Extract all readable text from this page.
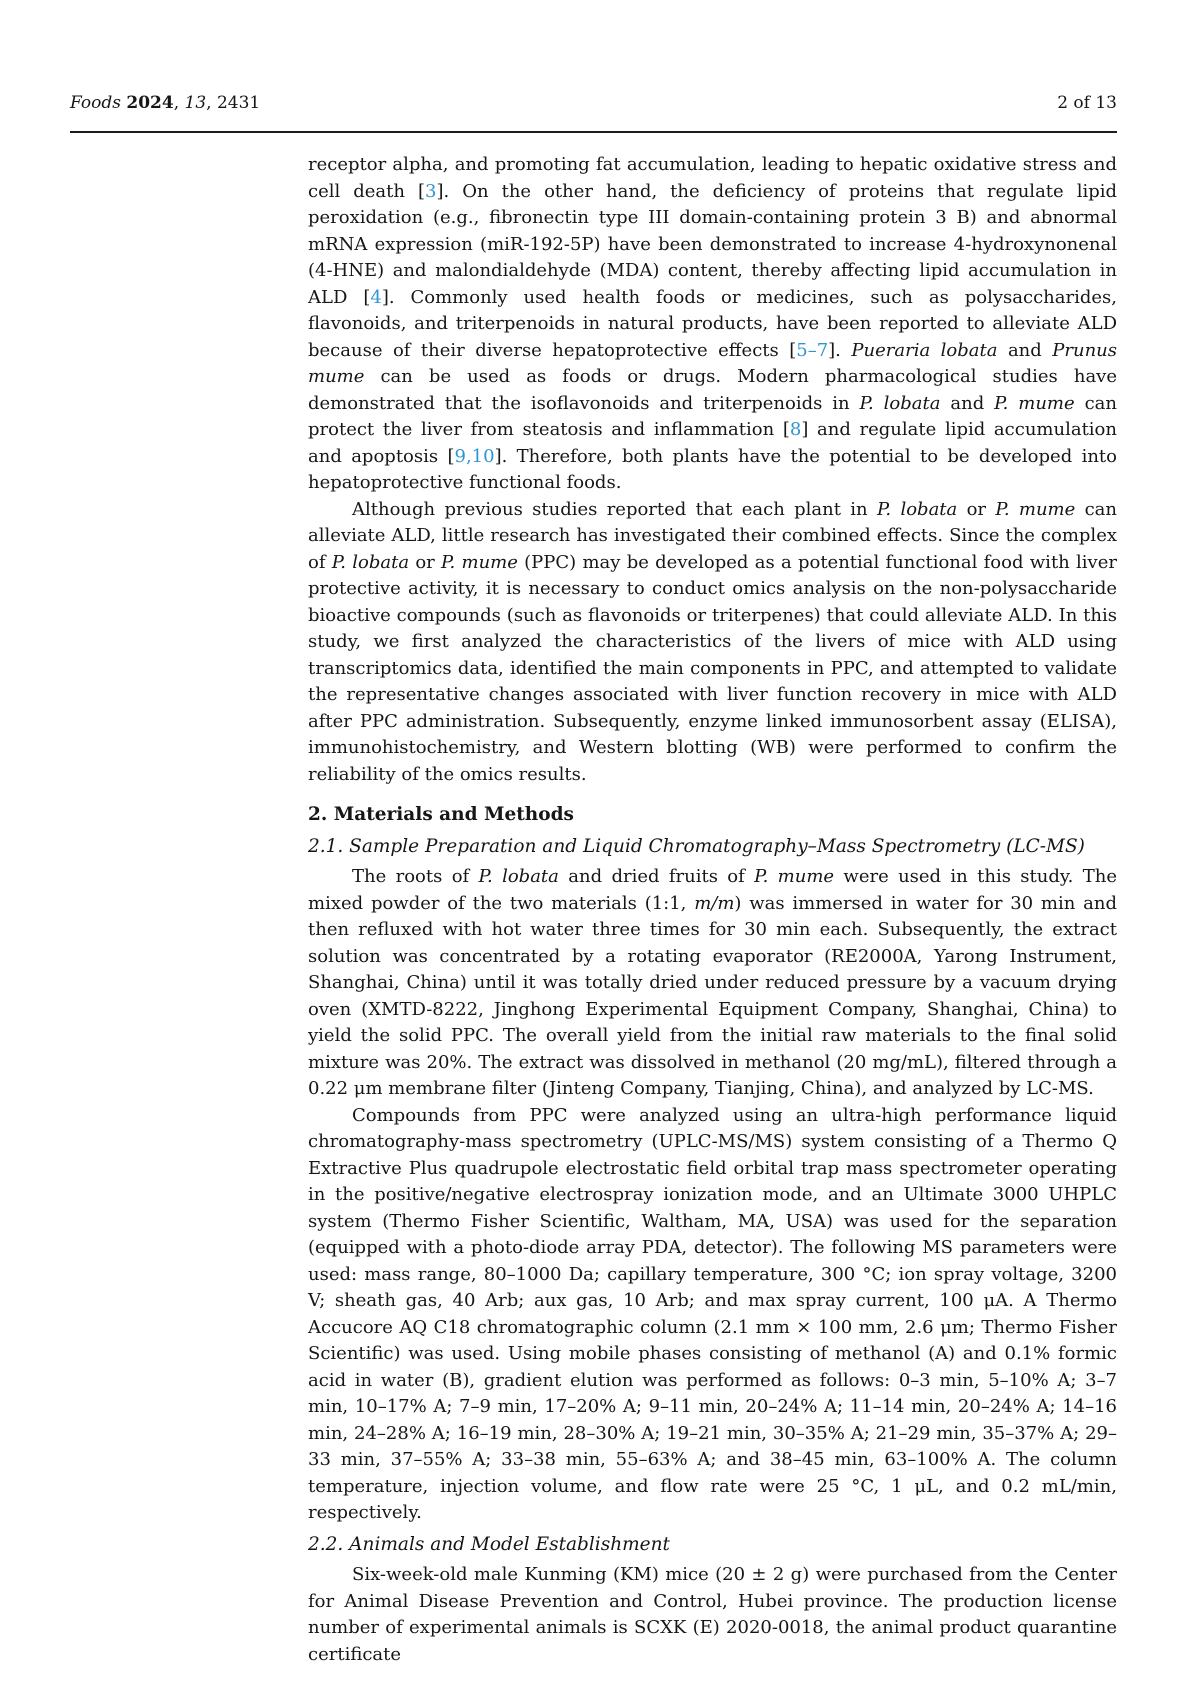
Foods 2024, 13, 2431	2 of 13

receptor alpha, and promoting fat accumulation, leading to hepatic oxidative stress and cell death [3]. On the other hand, the deficiency of proteins that regulate lipid peroxidation (e.g., fibronectin type III domain-containing protein 3 B) and abnormal mRNA expression (miR-192-5P) have been demonstrated to increase 4-hydroxynonenal (4-HNE) and malondialdehyde (MDA) content, thereby affecting lipid accumulation in ALD [4]. Commonly used health foods or medicines, such as polysaccharides, flavonoids, and triterpenoids in natural products, have been reported to alleviate ALD because of their diverse hepatoprotective effects [5–7]. Pueraria lobata and Prunus mume can be used as foods or drugs. Modern pharmacological studies have demonstrated that the isoflavonoids and triterpenoids in P. lobata and P. mume can protect the liver from steatosis and inflammation [8] and regulate lipid accumulation and apoptosis [9,10]. Therefore, both plants have the potential to be developed into hepatoprotective functional foods.

Although previous studies reported that each plant in P. lobata or P. mume can alleviate ALD, little research has investigated their combined effects. Since the complex of P. lobata or P. mume (PPC) may be developed as a potential functional food with liver protective activity, it is necessary to conduct omics analysis on the non-polysaccharide bioactive compounds (such as flavonoids or triterpenes) that could alleviate ALD. In this study, we first analyzed the characteristics of the livers of mice with ALD using transcriptomics data, identified the main components in PPC, and attempted to validate the representative changes associated with liver function recovery in mice with ALD after PPC administration. Subsequently, enzyme linked immunosorbent assay (ELISA), immunohistochemistry, and Western blotting (WB) were performed to confirm the reliability of the omics results.

2. Materials and Methods
2.1. Sample Preparation and Liquid Chromatography–Mass Spectrometry (LC-MS)

The roots of P. lobata and dried fruits of P. mume were used in this study. The mixed powder of the two materials (1:1, m/m) was immersed in water for 30 min and then refluxed with hot water three times for 30 min each. Subsequently, the extract solution was concentrated by a rotating evaporator (RE2000A, Yarong Instrument, Shanghai, China) until it was totally dried under reduced pressure by a vacuum drying oven (XMTD-8222, Jinghong Experimental Equipment Company, Shanghai, China) to yield the solid PPC. The overall yield from the initial raw materials to the final solid mixture was 20%. The extract was dissolved in methanol (20 mg/mL), filtered through a 0.22 μm membrane filter (Jinteng Company, Tianjing, China), and analyzed by LC-MS.

Compounds from PPC were analyzed using an ultra-high performance liquid chromatography-mass spectrometry (UPLC-MS/MS) system consisting of a Thermo Q Extractive Plus quadrupole electrostatic field orbital trap mass spectrometer operating in the positive/negative electrospray ionization mode, and an Ultimate 3000 UHPLC system (Thermo Fisher Scientific, Waltham, MA, USA) was used for the separation (equipped with a photo-diode array PDA, detector). The following MS parameters were used: mass range, 80–1000 Da; capillary temperature, 300 °C; ion spray voltage, 3200 V; sheath gas, 40 Arb; aux gas, 10 Arb; and max spray current, 100 μA. A Thermo Accucore AQ C18 chromatographic column (2.1 mm × 100 mm, 2.6 μm; Thermo Fisher Scientific) was used. Using mobile phases consisting of methanol (A) and 0.1% formic acid in water (B), gradient elution was performed as follows: 0–3 min, 5–10% A; 3–7 min, 10–17% A; 7–9 min, 17–20% A; 9–11 min, 20–24% A; 11–14 min, 20–24% A; 14–16 min, 24–28% A; 16–19 min, 28–30% A; 19–21 min, 30–35% A; 21–29 min, 35–37% A; 29–33 min, 37–55% A; 33–38 min, 55–63% A; and 38–45 min, 63–100% A. The column temperature, injection volume, and flow rate were 25 °C, 1 μL, and 0.2 mL/min, respectively.

2.2. Animals and Model Establishment

Six-week-old male Kunming (KM) mice (20 ± 2 g) were purchased from the Center for Animal Disease Prevention and Control, Hubei province. The production license number of experimental animals is SCXK (E) 2020-0018, the animal product quarantine certificate
